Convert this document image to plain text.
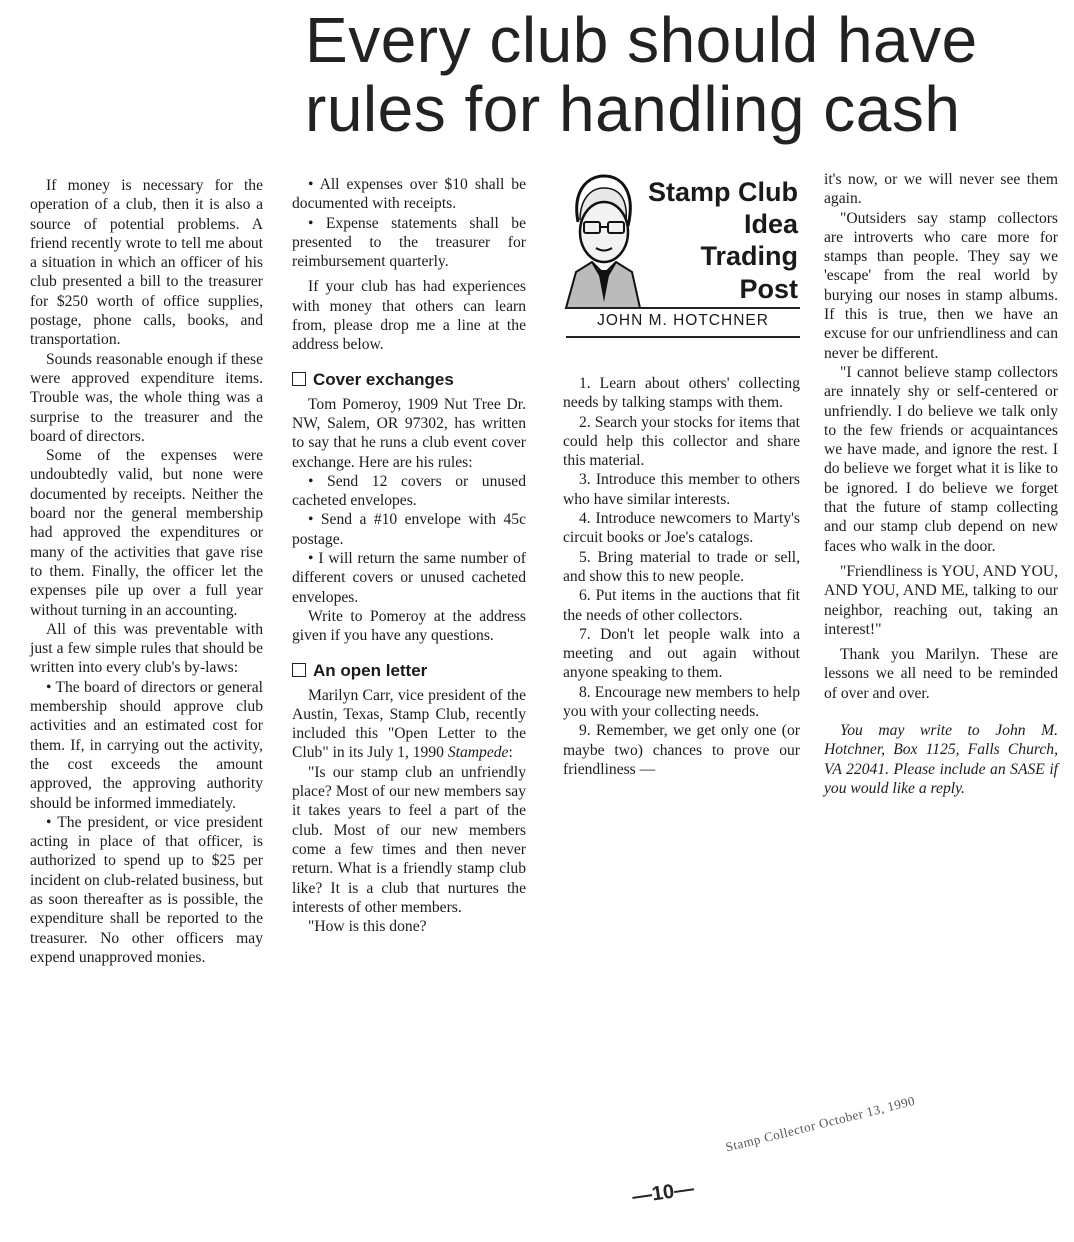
Every club should have
rules for handling cash

If money is necessary for the operation of a club, then it is also a source of potential problems. A friend recently wrote to tell me about a situation in which an officer of his club presented a bill to the treasurer for $250 worth of office supplies, postage, phone calls, books, and transportation.

Sounds reasonable enough if these were approved expenditure items. Trouble was, the whole thing was a surprise to the treasurer and the board of directors.

Some of the expenses were undoubtedly valid, but none were documented by receipts. Neither the board nor the general membership had approved the expenditures or many of the activities that gave rise to them. Finally, the officer let the expenses pile up over a full year without turning in an accounting.

All of this was preventable with just a few simple rules that should be written into every club's by-laws:

• The board of directors or general membership should approve club activities and an estimated cost for them. If, in carrying out the activity, the cost exceeds the amount approved, the approving authority should be informed immediately.

• The president, or vice president acting in place of that officer, is authorized to spend up to $25 per incident on club-related business, but as soon thereafter as is possible, the expenditure shall be reported to the treasurer. No other officers may expend unapproved monies.

• All expenses over $10 shall be documented with receipts.

• Expense statements shall be presented to the treasurer for reimbursement quarterly.

If your club has had experiences with money that others can learn from, please drop me a line at the address below.

Cover exchanges

Tom Pomeroy, 1909 Nut Tree Dr. NW, Salem, OR 97302, has written to say that he runs a club event cover exchange. Here are his rules:

• Send 12 covers or unused cacheted envelopes.

• Send a #10 envelope with 45c postage.

• I will return the same number of different covers or unused cacheted envelopes.

Write to Pomeroy at the address given if you have any questions.

An open letter

Marilyn Carr, vice president of the Austin, Texas, Stamp Club, recently included this "Open Letter to the Club" in its July 1, 1990 Stampede:

"Is our stamp club an unfriendly place? Most of our new members say it takes years to feel a part of the club. Most of our new members come a few times and then never return. What is a friendly stamp club like? It is a club that nurtures the interests of other members.

"How is this done?

Stamp Club
Idea
Trading
Post
JOHN M. HOTCHNER

1. Learn about others' collecting needs by talking stamps with them.

2. Search your stocks for items that could help this collector and share this material.

3. Introduce this member to others who have similar interests.

4. Introduce newcomers to Marty's circuit books or Joe's catalogs.

5. Bring material to trade or sell, and show this to new people.

6. Put items in the auctions that fit the needs of other collectors.

7. Don't let people walk into a meeting and out again without anyone speaking to them.

8. Encourage new members to help you with your collecting needs.

9. Remember, we get only one (or maybe two) chances to prove our friendliness —

it's now, or we will never see them again.

"Outsiders say stamp collectors are introverts who care more for stamps than people. They say we 'escape' from the real world by burying our noses in stamp albums. If this is true, then we have an excuse for our unfriendliness and can never be different.

"I cannot believe stamp collectors are innately shy or self-centered or unfriendly. I do believe we talk only to the few friends or acquaintances we have made, and ignore the rest. I do believe we forget what it is like to be ignored. I do believe we forget that the future of stamp collecting and our stamp club depend on new faces who walk in the door.

"Friendliness is YOU, AND YOU, AND YOU, AND ME, talking to our neighbor, reaching out, taking an interest!"

Thank you Marilyn. These are lessons we all need to be reminded of over and over.

You may write to John M. Hotchner, Box 1125, Falls Church, VA 22041. Please include an SASE if you would like a reply.

—10—
Stamp Collector October 13, 1990
